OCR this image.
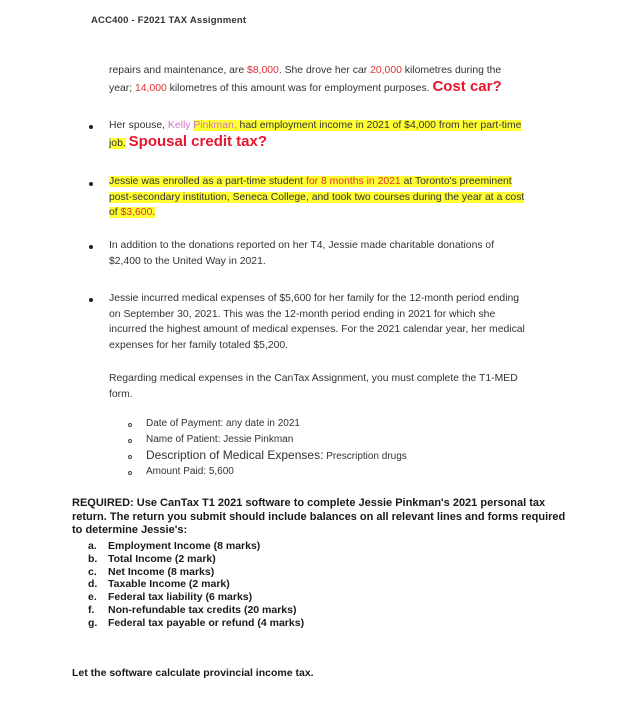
ACC400 - F2021 TAX Assignment
repairs and maintenance, are $8,000. She drove her car 20,000 kilometres during the
year; 14,000 kilometres of this amount was for employment purposes. Cost car?
Her spouse, Kelly Pinkman, had employment income in 2021 of $4,000 from her part-time
job. Spousal credit tax?
Jessie was enrolled as a part-time student for 8 months in 2021 at Toronto's preeminent
post-secondary institution, Seneca College, and took two courses during the year at a cost
of $3,600.
In addition to the donations reported on her T4, Jessie made charitable donations of
$2,400 to the United Way in 2021.
Jessie incurred medical expenses of $5,600 for her family for the 12-month period ending
on September 30, 2021. This was the 12-month period ending in 2021 for which she
incurred the highest amount of medical expenses. For the 2021 calendar year, her medical
expenses for her family totaled $5,200.
Regarding medical expenses in the CanTax Assignment, you must complete the T1-MED
form.
Date of Payment: any date in 2021
Name of Patient: Jessie Pinkman
Description of Medical Expenses: Prescription drugs
Amount Paid: 5,600
REQUIRED: Use CanTax T1 2021 software to complete Jessie Pinkman's 2021 personal tax
return. The return you submit should include balances on all relevant lines and forms required
to determine Jessie's:
a.	Employment Income (8 marks)
b.	Total Income (2 mark)
c.	Net Income (8 marks)
d.	Taxable Income (2 mark)
e.	Federal tax liability (6 marks)
f.	Non-refundable tax credits (20 marks)
g.	Federal tax payable or refund (4 marks)
Let the software calculate provincial income tax.
